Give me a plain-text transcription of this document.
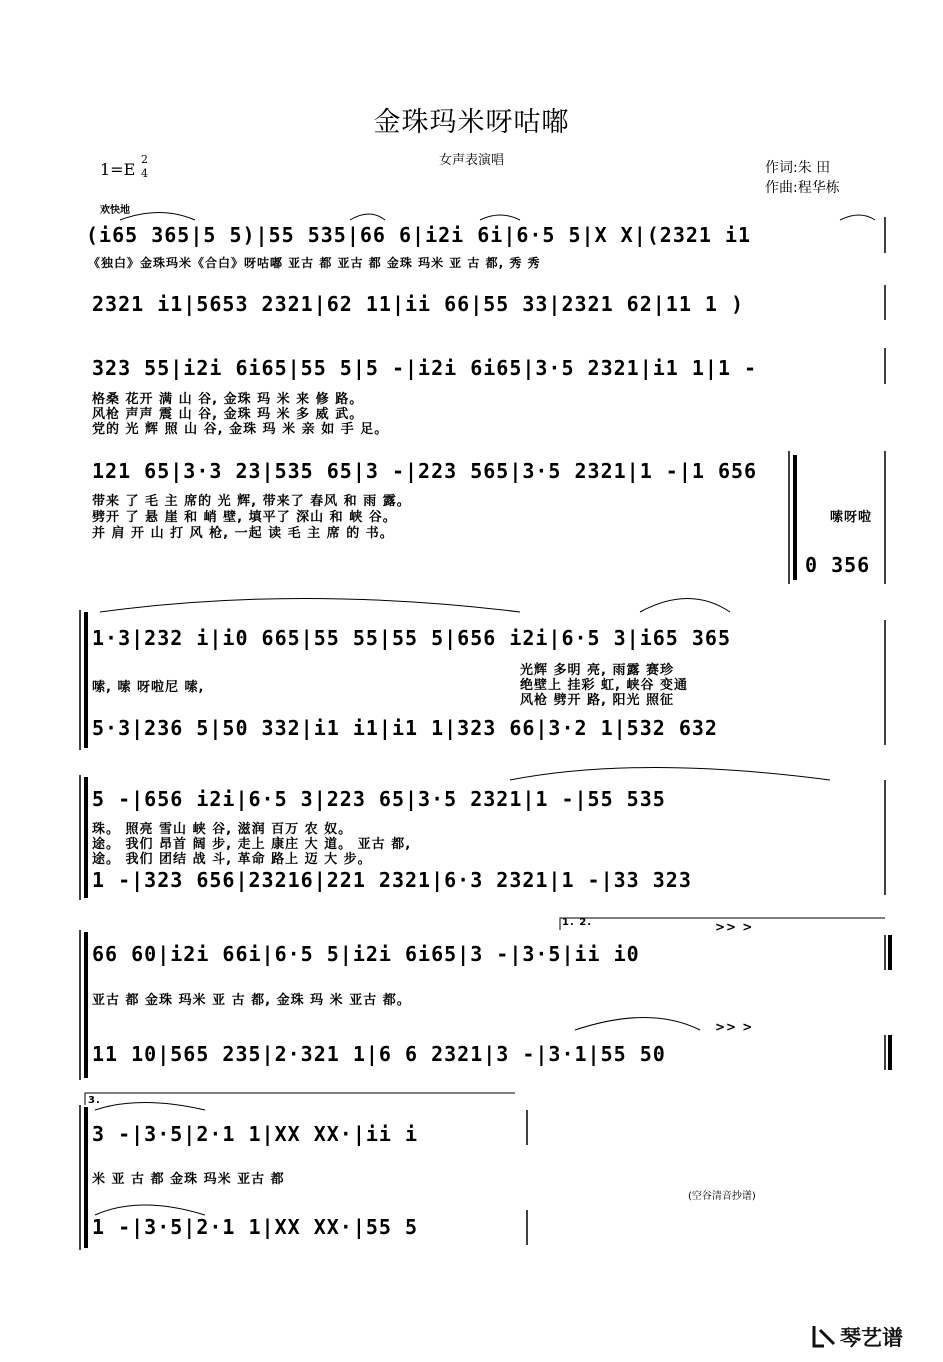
金珠玛米呀咕嘟
女声表演唱
1=E
2
4	作词:朱 田
作曲:程华栋
欢快地
(i65 365|5 5)|55 535|66 6|i2i 6i|6·5 5|X X|(2321 i1
《独白》金珠玛米《合白》呀咕嘟 亚古 都 亚古 都 金珠 玛米 亚 古 都, 秀 秀
2321 i1|5653 2321|62 11|ii 66|55 33|2321 62|11 1 )
323 55|i2i 6i65|55 5|5 -|i2i 6i65|3·5 2321|i1 1|1 -
格桑 花开 满 山 谷, 金珠 玛 米 来 修 路。
风枪 声声 震 山 谷, 金珠 玛 米 多 威 武。
党的 光 辉 照 山 谷, 金珠 玛 米 亲 如 手 足。
121 65|3·3 23|535 65|3 -|223 565|3·5 2321|1 -|1 656
带来 了 毛 主 席的 光 辉, 带来了 春风 和 雨 露。
劈开 了 悬 崖 和 峭 壁, 填平了 深山 和 峡 谷。
并 肩 开 山 打 风 枪, 一起 读 毛 主 席 的 书。
嗦呀啦
0 356
1·3|232 i|i0 665|55 55|55 5|656 i2i|6·5 3|i65 365
嗦, 嗦 呀啦尼 嗦,
光辉 多明 亮, 雨露 赛珍
绝壁上 挂彩 虹, 峡谷 变通
风枪 劈开 路, 阳光 照征
5·3|236 5|50 332|i1 i1|i1 1|323 66|3·2 1|532 632
5 -|656 i2i|6·5 3|223 65|3·5 2321|1 -|55 535
珠。 照亮 雪山 峡 谷, 滋润 百万 农 奴。
途。 我们 昂首 阔 步, 走上 康庄 大 道。 亚古 都,
途。 我们 团结 战 斗, 革命 路上 迈 大 步。
1 -|323 656|23216|221 2321|6·3 2321|1 -|33 323
1. 2.	>> >
66 60|i2i 66i|6·5 5|i2i 6i65|3 -|3·5|ii i0
亚古 都 金珠 玛米 亚 古 都, 金珠 玛 米 亚古 都。
>> >
11 10|565 235|2·321 1|6 6 2321|3 -|3·1|55 50
3.
3 -|3·5|2·1 1|XX XX·|ii i
米 亚 古 都 金珠 玛米 亚古 都
1 -|3·5|2·1 1|XX XX·|55 5
(空谷清音抄谱)
琴艺谱
